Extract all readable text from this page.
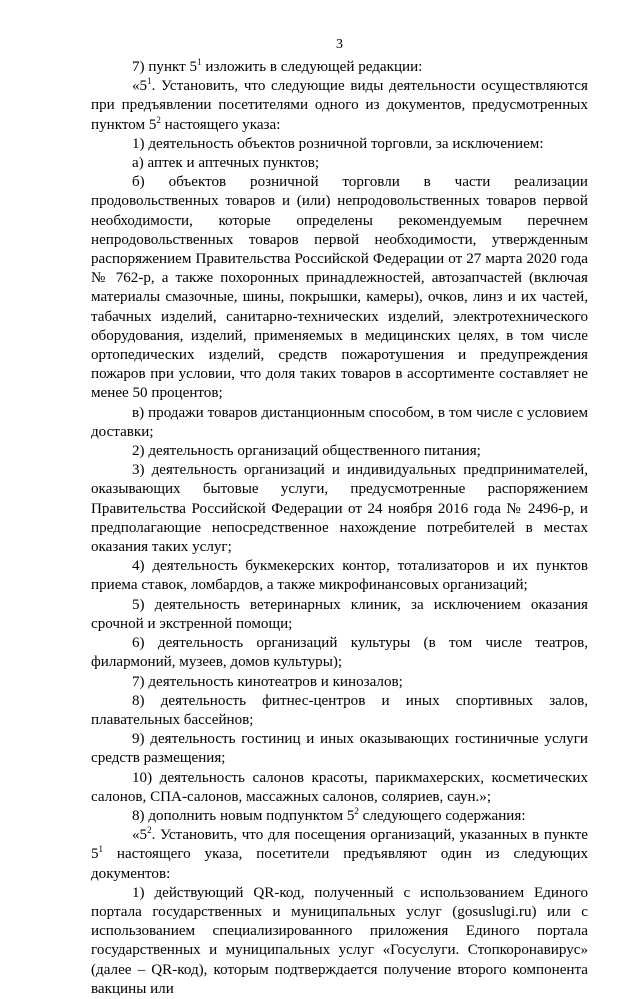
3

7) пункт $5^1$ изложить в следующей редакции:

«$5^1$. Установить, что следующие виды деятельности осуществляются при предъявлении посетителями одного из документов, предусмотренных пунктом $5^2$ настоящего указа:

1) деятельность объектов розничной торговли, за исключением:

а) аптек и аптечных пунктов;

б) объектов розничной торговли в части реализации продовольственных товаров и (или) непродовольственных товаров первой необходимости, которые определены рекомендуемым перечнем непродовольственных товаров первой необходимости, утвержденным распоряжением Правительства Российской Федерации от 27 марта 2020 года № 762-р, а также похоронных принадлежностей, автозапчастей (включая материалы смазочные, шины, покрышки, камеры), очков, линз и их частей, табачных изделий, санитарно-технических изделий, электротехнического оборудования, изделий, применяемых в медицинских целях, в том числе ортопедических изделий, средств пожаротушения и предупреждения пожаров при условии, что доля таких товаров в ассортименте составляет не менее 50 процентов;

в) продажи товаров дистанционным способом, в том числе с условием доставки;

2) деятельность организаций общественного питания;

3) деятельность организаций и индивидуальных предпринимателей, оказывающих бытовые услуги, предусмотренные распоряжением Правительства Российской Федерации от 24 ноября 2016 года № 2496-р, и предполагающие непосредственное нахождение потребителей в местах оказания таких услуг;

4) деятельность букмекерских контор, тотализаторов и их пунктов приема ставок, ломбардов, а также микрофинансовых организаций;

5) деятельность ветеринарных клиник, за исключением оказания срочной и экстренной помощи;

6) деятельность организаций культуры (в том числе театров, филармоний, музеев, домов культуры);

7) деятельность кинотеатров и кинозалов;

8) деятельность фитнес-центров и иных спортивных залов, плавательных бассейнов;

9) деятельность гостиниц и иных оказывающих гостиничные услуги средств размещения;

10) деятельность салонов красоты, парикмахерских, косметических салонов, СПА-салонов, массажных салонов, соляриев, саун.»;

8) дополнить новым подпунктом $5^2$ следующего содержания:

«$5^2$. Установить, что для посещения организаций, указанных в пункте $5^1$ настоящего указа, посетители предъявляют один из следующих документов:

1) действующий QR-код, полученный с использованием Единого портала государственных и муниципальных услуг (gosuslugi.ru) или с использованием специализированного приложения Единого портала государственных и муниципальных услуг «Госуслуги. Стопкоронавирус» (далее – QR-код), которым подтверждается получение второго компонента вакцины или
